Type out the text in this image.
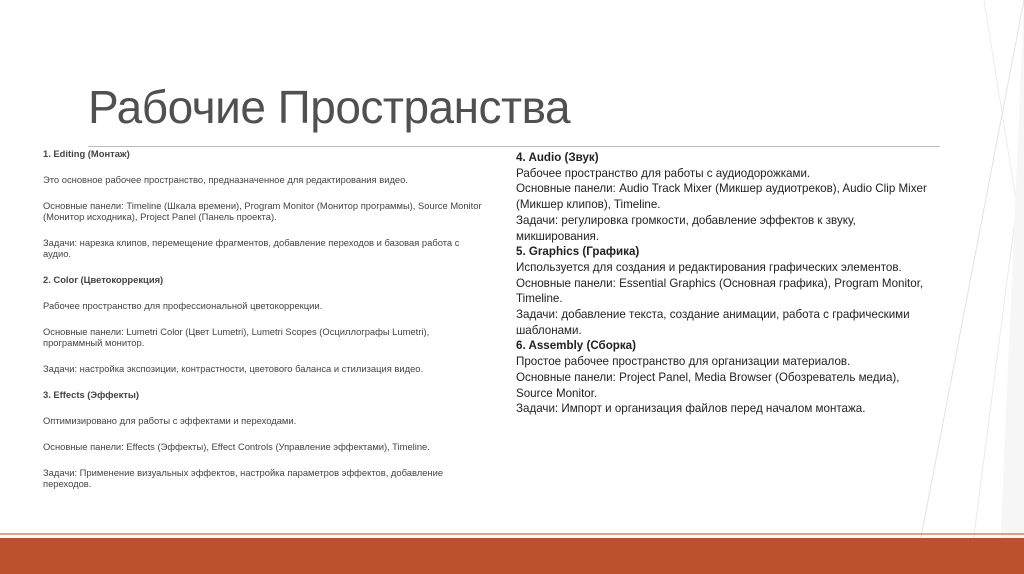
Рабочие Пространства
1. Editing (Монтаж)

Это основное рабочее пространство, предназначенное для редактирования видео.

Основные панели: Timeline (Шкала времени), Program Monitor (Монитор программы), Source Monitor (Монитор исходника), Project Panel (Панель проекта).

Задачи: нарезка клипов, перемещение фрагментов, добавление переходов и базовая работа с аудио.

2. Color (Цветокоррекция)

Рабочее пространство для профессиональной цветокоррекции.

Основные панели: Lumetri Color (Цвет Lumetri), Lumetri Scopes (Осциллографы Lumetri), программный монитор.

Задачи: настройка экспозиции, контрастности, цветового баланса и стилизация видео.

3. Effects (Эффекты)

Оптимизировано для работы с эффектами и переходами.

Основные панели: Effects (Эффекты), Effect Controls (Управление эффектами), Timeline.

Задачи: Применение визуальных эффектов, настройка параметров эффектов, добавление переходов.

4. Audio (Звук)
Рабочее пространство для работы с аудиодорожками.
Основные панели: Audio Track Mixer (Микшер аудиотреков), Audio Clip Mixer (Микшер клипов), Timeline.
Задачи: регулировка громкости, добавление эффектов к звуку, микширования.
5. Graphics (Графика)
Используется для создания и редактирования графических элементов.
Основные панели: Essential Graphics (Основная графика), Program Monitor, Timeline.
Задачи: добавление текста, создание анимации, работа с графическими шаблонами.
6. Assembly (Сборка)
Простое рабочее пространство для организации материалов.
Основные панели: Project Panel, Media Browser (Обозреватель медиа), Source Monitor.
Задачи: Импорт и организация файлов перед началом монтажа.
